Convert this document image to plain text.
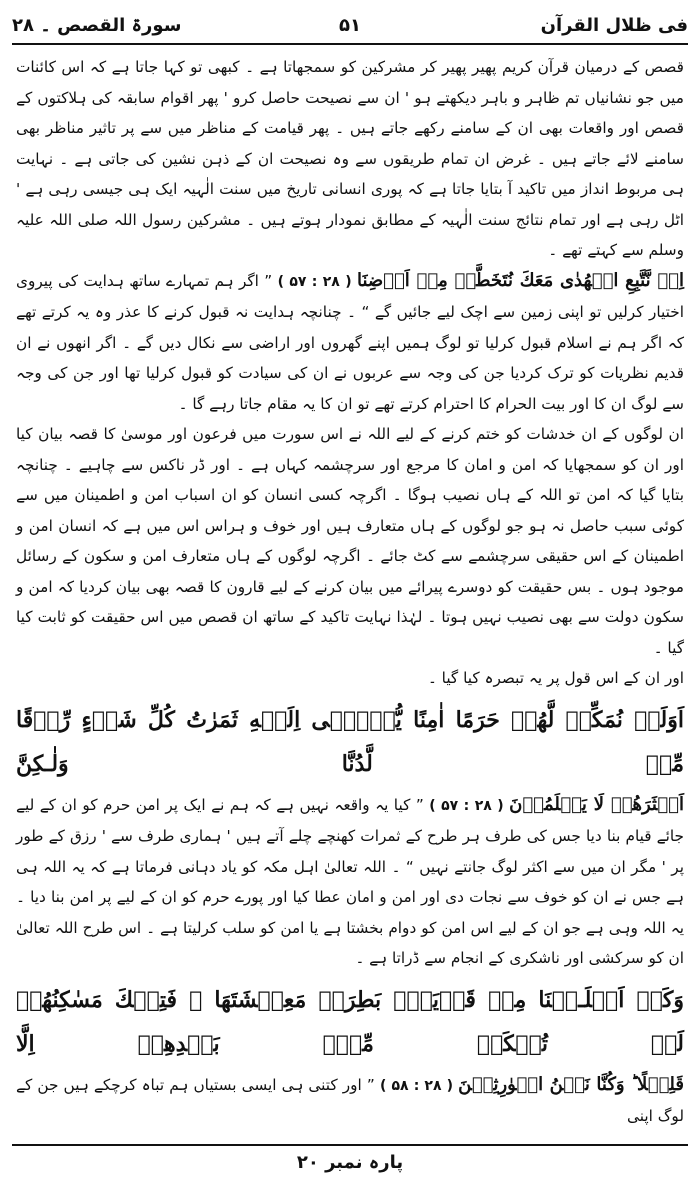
سورۃ القصص ۔ ۲۸	۵۱	فی ظلال القرآن

قصص کے درمیان قرآن کریم پھیر پھیر کر مشرکین کو سمجھاتا ہے ۔ کبھی تو کہا جاتا ہے کہ اس کائنات میں جو نشانیاں تم ظاہر و باہر دیکھتے ہو ' ان سے نصیحت حاصل کرو ' پھر اقوام سابقہ کی ہلاکتوں کے قصص اور واقعات بھی ان کے سامنے رکھے جاتے ہیں ۔ پھر قیامت کے مناظر میں سے پر تاثیر مناظر بھی سامنے لائے جاتے ہیں ۔ غرض ان تمام طریقوں سے وہ نصیحت ان کے ذہن نشین کی جاتی ہے ۔ نہایت ہی مربوط انداز میں تاکید آ بتایا جاتا ہے کہ پوری انسانی تاریخ میں سنت الٰہیہ ایک ہی جیسی رہی ہے ' اٹل رہی ہے اور تمام نتائج سنت الٰہیہ کے مطابق نمودار ہوتے ہیں ۔ مشرکین رسول اللہ صلی اللہ علیہ وسلم سے کہتے تھے ۔

اِنۡ نَّتَّبِعِ الۡهُدٰى مَعَكَ نُتَخَطَّفۡ مِنۡ اَرۡضِنَا ( ۲۸ : ۵۷ ) ” اگر ہم تمہارے ساتھ ہدایت کی پیروی اختیار کرلیں تو اپنی زمین سے اچک لیے جائیں گے “ ۔ چنانچہ ہدایت نہ قبول کرنے کا عذر وہ یہ کرتے تھے کہ اگر ہم نے اسلام قبول کرلیا تو لوگ ہمیں اپنے گھروں اور اراضی سے نکال دیں گے ۔ اگر انھوں نے ان قدیم نظریات کو ترک کردیا جن کی وجہ سے عربوں نے ان کی سیادت کو قبول کرلیا تھا اور جن کی وجہ سے لوگ ان کا اور بیت الحرام کا احترام کرتے تھے تو ان کا یہ مقام جاتا رہے گا ۔

ان لوگوں کے ان خدشات کو ختم کرنے کے لیے اللہ نے اس سورت میں فرعون اور موسیٰ کا قصہ بیان کیا اور ان کو سمجھایا کہ امن و امان کا مرجع اور سرچشمہ کہاں ہے ۔ اور ڈر ناکس سے چاہیے ۔ چنانچہ بتایا گیا کہ امن تو اللہ کے ہاں نصیب ہوگا ۔ اگرچہ کسی انسان کو ان اسباب امن و اطمینان میں سے کوئی سبب حاصل نہ ہو جو لوگوں کے ہاں متعارف ہیں اور خوف و ہراس اس میں ہے کہ انسان امن و اطمینان کے اس حقیقی سرچشمے سے کٹ جائے ۔ اگرچہ لوگوں کے ہاں متعارف امن و سکون کے رسائل موجود ہوں ۔ بس حقیقت کو دوسرے پیرائے میں بیان کرنے کے لیے قارون کا قصہ بھی بیان کردیا کہ امن و سکون دولت سے بھی نصیب نہیں ہوتا ۔ لہٰذا نہایت تاکید کے ساتھ ان قصص میں اس حقیقت کو ثابت کیا گیا ۔

اور ان کے اس قول پر یہ تبصرہ کیا گیا ۔

اَوَلَمۡ نُمَكِّنۡ لَّهُمۡ حَرَمًا اٰمِنًا يُّجۡبٰۤى اِلَيۡهِ ثَمَرٰتُ كُلِّ شَىۡءٍ رِّزۡقًا مِّنۡ لَّدُنَّا وَلٰـكِنَّ

اَكۡثَرَهُمۡ لَا يَعۡلَمُوۡنَ ( ۲۸ : ۵۷ ) ” کیا یہ واقعہ نہیں ہے کہ ہم نے ایک پر امن حرم کو ان کے لیے جائے قیام بنا دیا جس کی طرف ہر طرح کے ثمرات کھنچے چلے آتے ہیں ' ہماری طرف سے ' رزق کے طور پر ' مگر ان میں سے اکثر لوگ جانتے نہیں “ ۔ اللہ تعالیٰ اہل مکہ کو یاد دہانی فرماتا ہے کہ یہ اللہ ہی ہے جس نے ان کو خوف سے نجات دی اور امن و امان عطا کیا اور پورے حرم کو ان کے لیے پر امن بنا دیا ۔ یہ اللہ وہی ہے جو ان کے لیے اس امن کو دوام بخشتا ہے یا امن کو سلب کرلیتا ہے ۔ اس طرح اللہ تعالیٰ ان کو سرکشی اور ناشکری کے انجام سے ڈراتا ہے ۔

وَكَمۡ اَهۡلَـكۡنَا مِنۡ قَرۡيَةٍۢ بَطِرَتۡ مَعِيۡشَتَهَا‌ ۚ فَتِلۡكَ مَسٰكِنُهُمۡ لَمۡ تُسۡكَنۡ مِّنۡۢ بَعۡدِهِمۡ اِلَّا

قَلِيۡلًا‌ ؕ وَكُنَّا نَحۡنُ الۡوٰرِثِيۡنَ ( ۲۸ : ۵۸ ) ” اور کتنی ہی ایسی بستیاں ہم تباہ کرچکے ہیں جن کے لوگ اپنی

پارہ نمبر ۲۰
